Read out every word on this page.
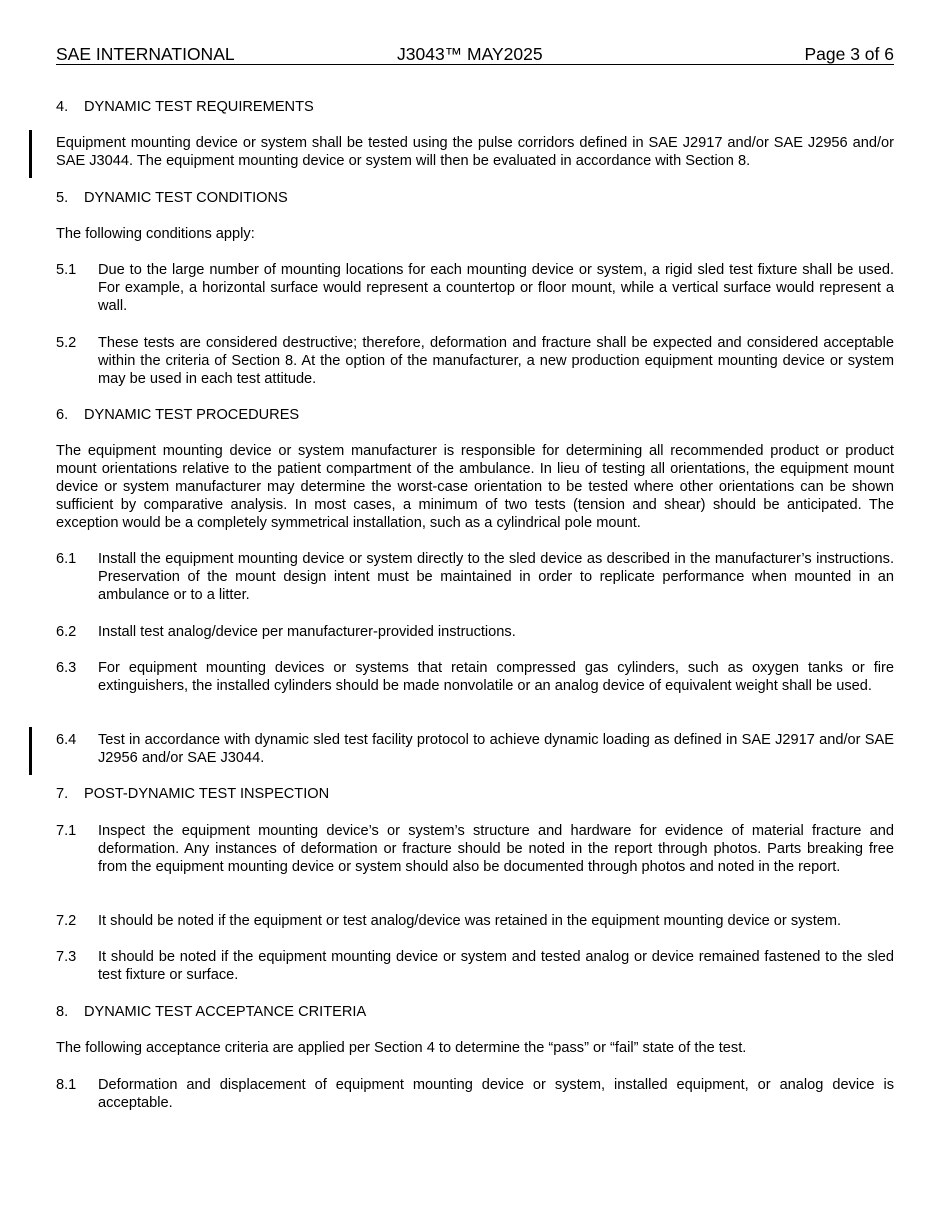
SAE INTERNATIONAL	J3043™ MAY2025	Page 3 of 6
4. DYNAMIC TEST REQUIREMENTS

Equipment mounting device or system shall be tested using the pulse corridors defined in SAE J2917 and/or SAE J2956 and/or SAE J3044. The equipment mounting device or system will then be evaluated in accordance with Section 8.

5. DYNAMIC TEST CONDITIONS

The following conditions apply:

5.1 Due to the large number of mounting locations for each mounting device or system, a rigid sled test fixture shall be used. For example, a horizontal surface would represent a countertop or floor mount, while a vertical surface would represent a wall.
5.2 These tests are considered destructive; therefore, deformation and fracture shall be expected and considered acceptable within the criteria of Section 8. At the option of the manufacturer, a new production equipment mounting device or system may be used in each test attitude.
6. DYNAMIC TEST PROCEDURES

The equipment mounting device or system manufacturer is responsible for determining all recommended product or product mount orientations relative to the patient compartment of the ambulance. In lieu of testing all orientations, the equipment mount device or system manufacturer may determine the worst-case orientation to be tested where other orientations can be shown sufficient by comparative analysis. In most cases, a minimum of two tests (tension and shear) should be anticipated. The exception would be a completely symmetrical installation, such as a cylindrical pole mount.

6.1 Install the equipment mounting device or system directly to the sled device as described in the manufacturer’s instructions. Preservation of the mount design intent must be maintained in order to replicate performance when mounted in an ambulance or to a litter.
6.2 Install test analog/device per manufacturer-provided instructions.
6.3 For equipment mounting devices or systems that retain compressed gas cylinders, such as oxygen tanks or fire extinguishers, the installed cylinders should be made nonvolatile or an analog device of equivalent weight shall be used.
6.4 Test in accordance with dynamic sled test facility protocol to achieve dynamic loading as defined in SAE J2917 and/or SAE J2956 and/or SAE J3044.
7. POST-DYNAMIC TEST INSPECTION
7.1 Inspect the equipment mounting device’s or system’s structure and hardware for evidence of material fracture and deformation. Any instances of deformation or fracture should be noted in the report through photos. Parts breaking free from the equipment mounting device or system should also be documented through photos and noted in the report.
7.2 It should be noted if the equipment or test analog/device was retained in the equipment mounting device or system.
7.3 It should be noted if the equipment mounting device or system and tested analog or device remained fastened to the sled test fixture or surface.
8. DYNAMIC TEST ACCEPTANCE CRITERIA

The following acceptance criteria are applied per Section 4 to determine the “pass” or “fail” state of the test.

8.1 Deformation and displacement of equipment mounting device or system, installed equipment, or analog device is acceptable.
